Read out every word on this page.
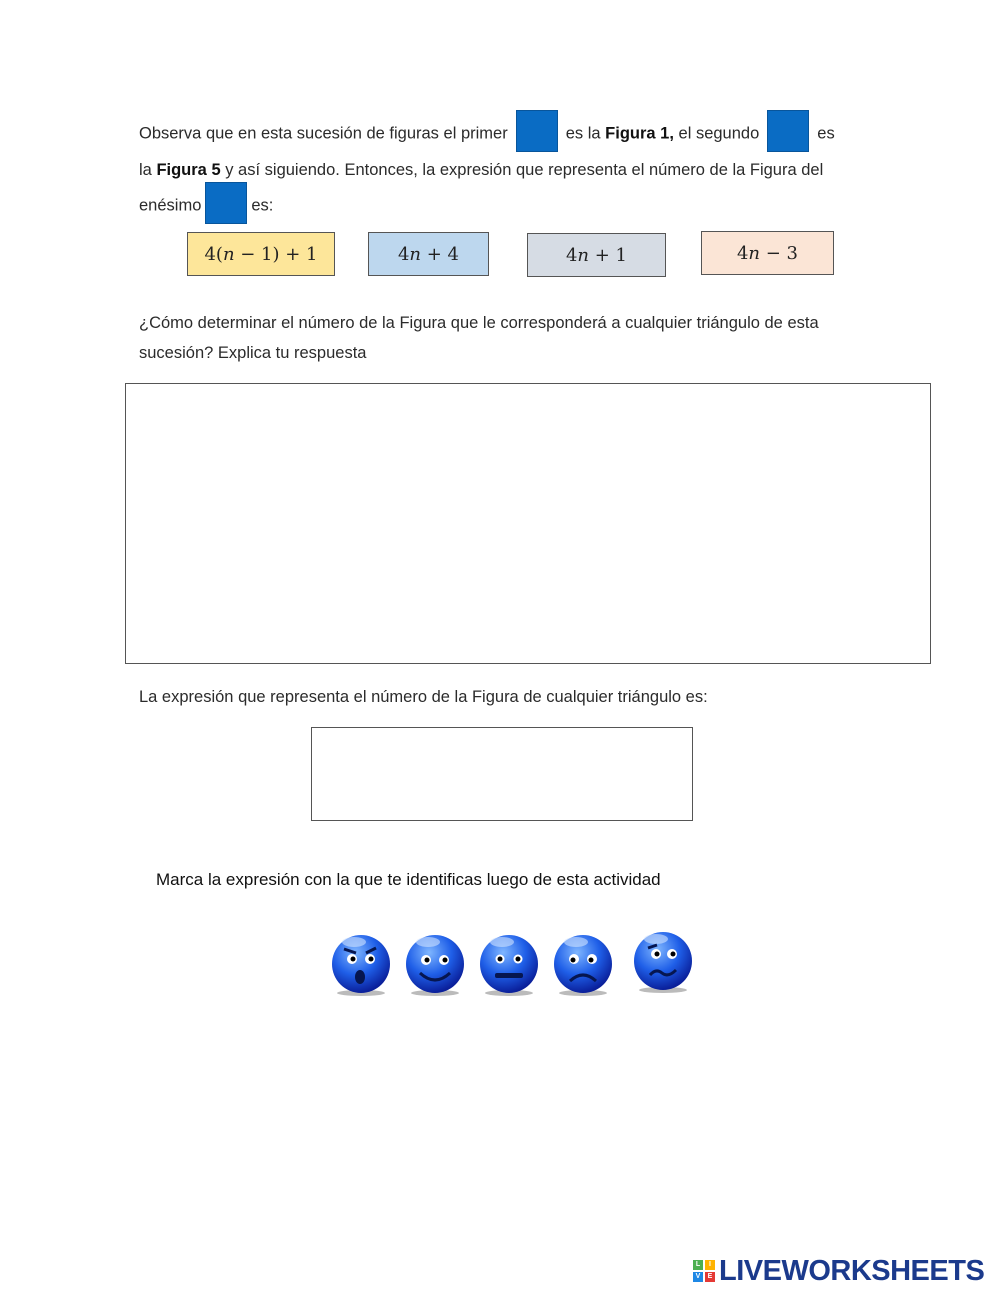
Observa que en esta sucesión de figuras el primer	es la Figura 1, el segundo	es
la Figura 5 y así siguiendo. Entonces, la expresión que representa el número de la Figura del
enésimo	es:
4(𝑛 − 1) + 1	4𝑛 + 4	4𝑛 + 1	4𝑛 − 3
¿Cómo determinar el número de la Figura que le corresponderá a cualquier triángulo de esta sucesión? Explica tu respuesta
La expresión que representa el número de la Figura de cualquier triángulo es:
Marca la expresión con la que te identificas luego de esta actividad
L	I
V	E LIVEWORKSHEETS
